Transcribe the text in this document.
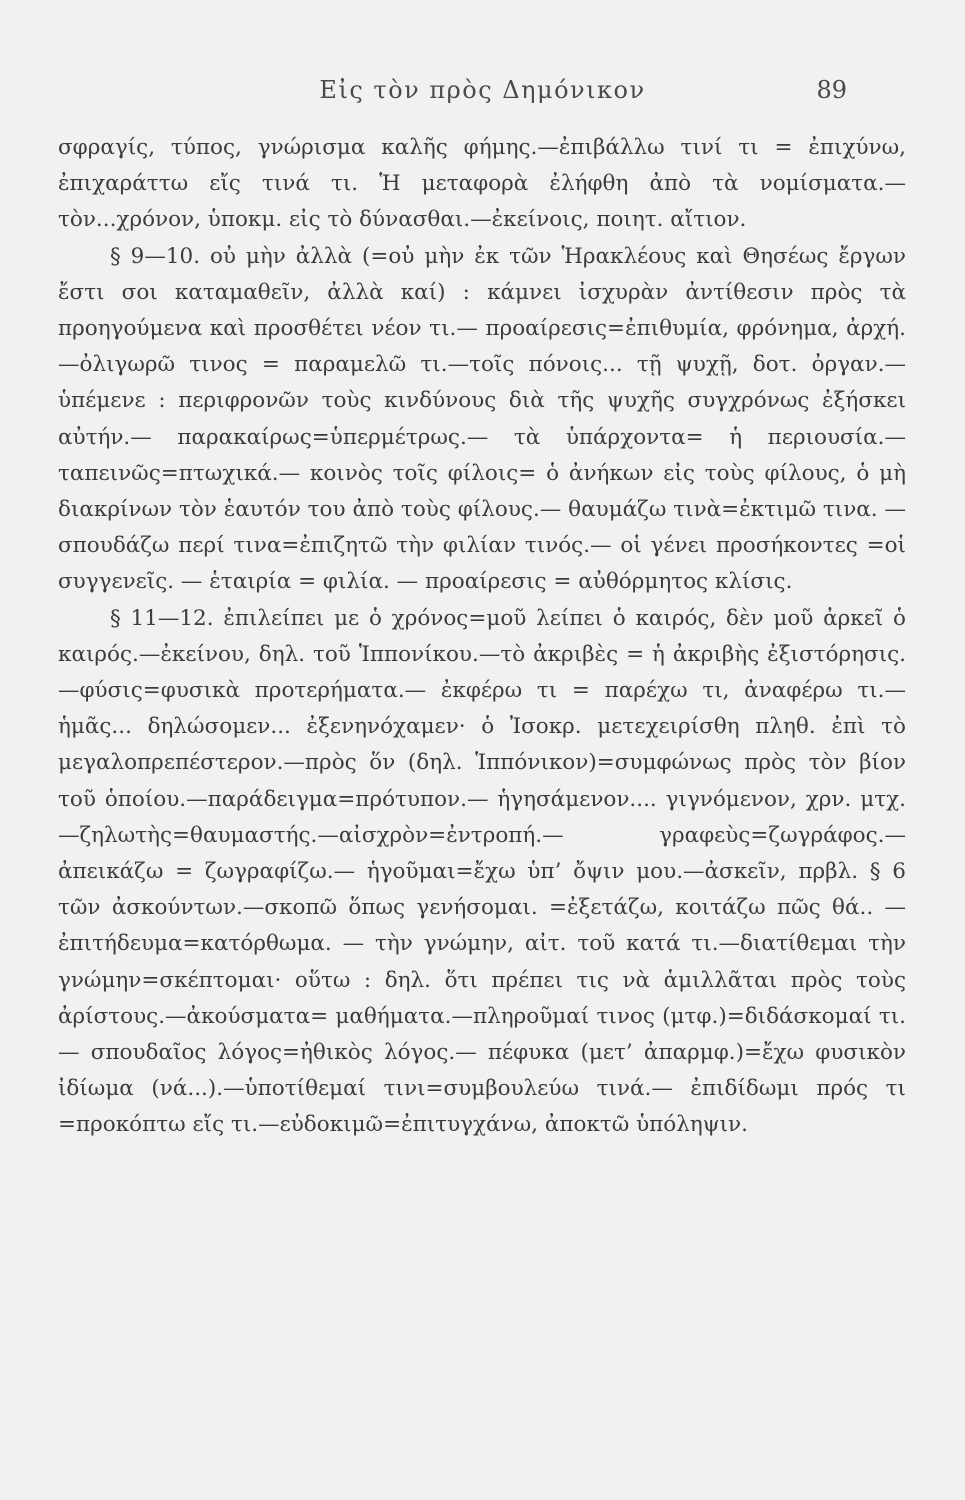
Εἰς τὸν πρὸς Δημόνικον	89

σφραγίς, τύπος, γνώρισμα καλῆς φήμης.—ἐπιβάλλω τινί τι = ἐπιχύνω, ἐπιχαράττω εἴς τινά τι. Ἡ μεταφορὰ ἐλήφθη ἀπὸ τὰ νομίσματα.—τὸν...χρόνον, ὑποκμ. εἰς τὸ δύνασθαι.—ἐκείνοις, ποιητ. αἴτιον.

§ 9—10. οὐ μὴν ἀλλὰ (=οὐ μὴν ἐκ τῶν Ἡρακλέους καὶ Θησέως ἔργων ἔστι σοι καταμαθεῖν, ἀλλὰ καί) : κάμνει ἰσχυρὰν ἀντίθεσιν πρὸς τὰ προηγούμενα καὶ προσθέτει νέον τι.— προαίρεσις=ἐπιθυμία, φρόνημα, ἀρχή.—ὀλιγωρῶ τινος = παραμελῶ τι.—τοῖς πόνοις... τῇ ψυχῇ, δοτ. ὀργαν.—ὑπέμενε : περιφρονῶν τοὺς κινδύνους διὰ τῆς ψυχῆς συγχρόνως ἐξήσκει αὐτήν.— παρακαίρως=ὑπερμέτρως.— τὰ ὑπάρχοντα= ἡ περιουσία.— ταπεινῶς=πτωχικά.— κοινὸς τοῖς φίλοις= ὁ ἀνήκων εἰς τοὺς φίλους, ὁ μὴ διακρίνων τὸν ἑαυτόν του ἀπὸ τοὺς φίλους.— θαυμάζω τινὰ=ἐκτιμῶ τινα. — σπουδάζω περί τινα=ἐπιζητῶ τὴν φιλίαν τινός.— οἱ γένει προσήκοντες =οἱ συγγενεῖς. — ἑταιρία = φιλία. — προαίρεσις = αὐθόρμητος κλίσις.

§ 11—12. ἐπιλείπει με ὁ χρόνος=μοῦ λείπει ὁ καιρός, δὲν μοῦ ἀρκεῖ ὁ καιρός.—ἐκείνου, δηλ. τοῦ Ἱππονίκου.—τὸ ἀκριβὲς = ἡ ἀκριβὴς ἐξιστόρησις.—φύσις=φυσικὰ προτερήματα.— ἐκφέρω τι = παρέχω τι, ἀναφέρω τι.—ἡμᾶς... δηλώσομεν... ἐξενηνόχαμεν· ὁ Ἰσοκρ. μετεχειρίσθη πληθ. ἐπὶ τὸ μεγαλοπρεπέστερον.—πρὸς ὅν (δηλ. Ἱππόνικον)=συμφώνως πρὸς τὸν βίον τοῦ ὁποίου.—παράδειγμα=πρότυπον.— ἡγησάμενον.... γιγνόμενον, χρν. μτχ.—ζηλωτὴς=θαυμαστής.—αἰσχρὸν=ἐντροπή.— γραφεὺς=ζωγράφος.— ἀπεικάζω = ζωγραφίζω.— ἡγοῦμαι=ἔχω ὑπ’ ὄψιν μου.—ἀσκεῖν, πρβλ. § 6 τῶν ἀσκούντων.—σκοπῶ ὅπως γενήσομαι. =ἐξετάζω, κοιτάζω πῶς θά.. — ἐπιτήδευμα=κατόρθωμα. — τὴν γνώμην, αἰτ. τοῦ κατά τι.—διατίθεμαι τὴν γνώμην=σκέπτομαι· οὕτω : δηλ. ὅτι πρέπει τις νὰ ἁμιλλᾶται πρὸς τοὺς ἀρίστους.—ἀκούσματα= μαθήματα.—πληροῦμαί τινος (μτφ.)=διδάσκομαί τι.— σπουδαῖος λόγος=ἠθικὸς λόγος.— πέφυκα (μετ’ ἀπαρμφ.)=ἔχω φυσικὸν ἰδίωμα (νά...).—ὑποτίθεμαί τινι=συμβουλεύω τινά.— ἐπιδίδωμι πρός τι =προκόπτω εἴς τι.—εὐδοκιμῶ=ἐπιτυγχάνω, ἀποκτῶ ὑπόληψιν.
